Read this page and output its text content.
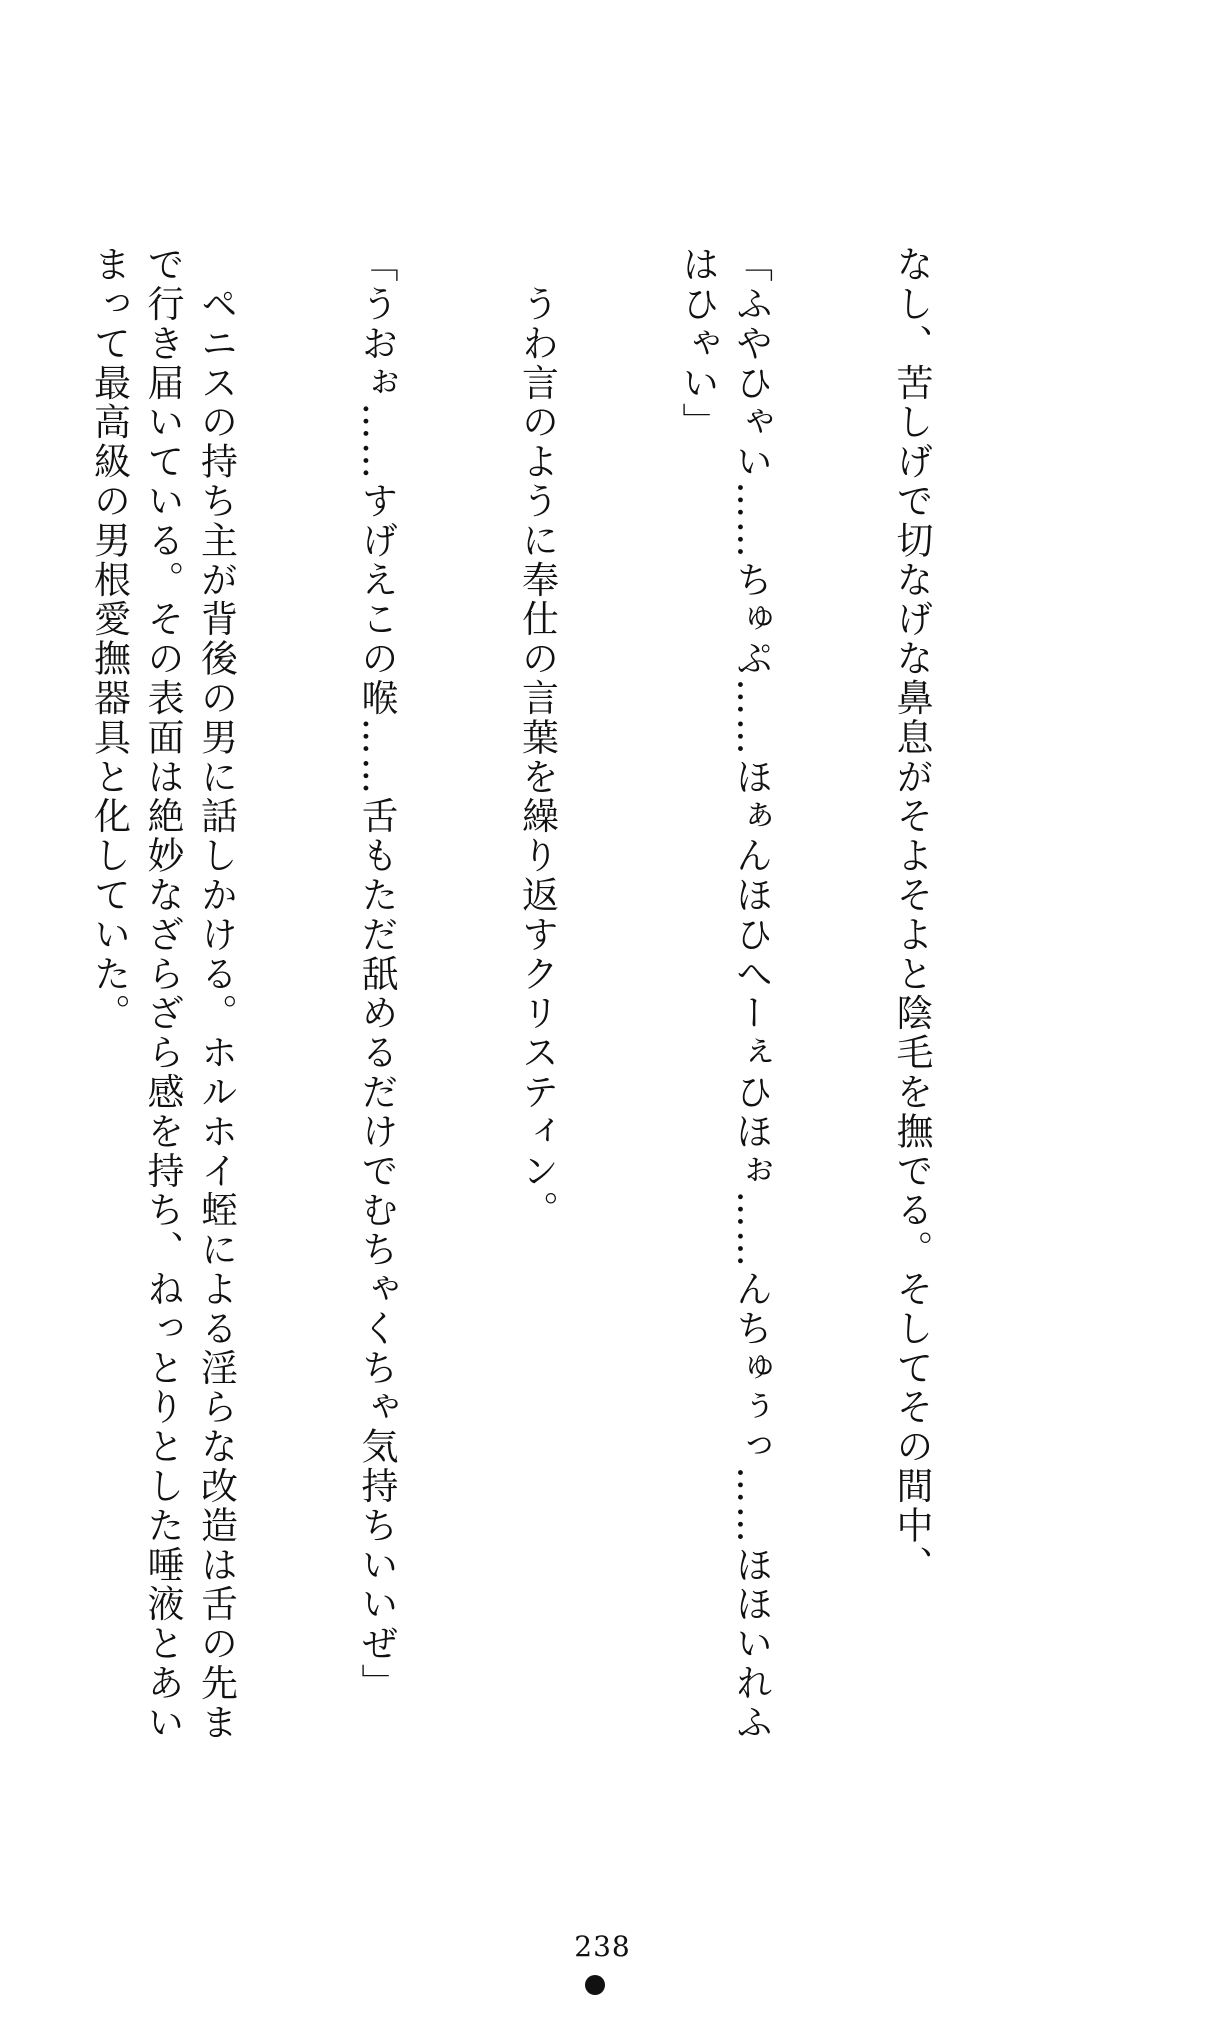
なし、苦しげで切なげな鼻息がそよそよと陰毛を撫でる。そしてその間中、

「ふやひゃい……ちゅぷ……ほぁんほひへーぇひほぉ……んちゅぅっ……ほほいれふはひゃい」

　うわ言のように奉仕の言葉を繰り返すクリスティン。

「うおぉ……すげえこの喉……舌もただ舐めるだけでむちゃくちゃ気持ちいいぜ」

　ペニスの持ち主が背後の男に話しかける。ホルホイ蛭による淫らな改造は舌の先まで行き届いている。その表面は絶妙なざらざら感を持ち、ねっとりとした唾液とあいまって最高級の男根愛撫器具と化していた。

238
